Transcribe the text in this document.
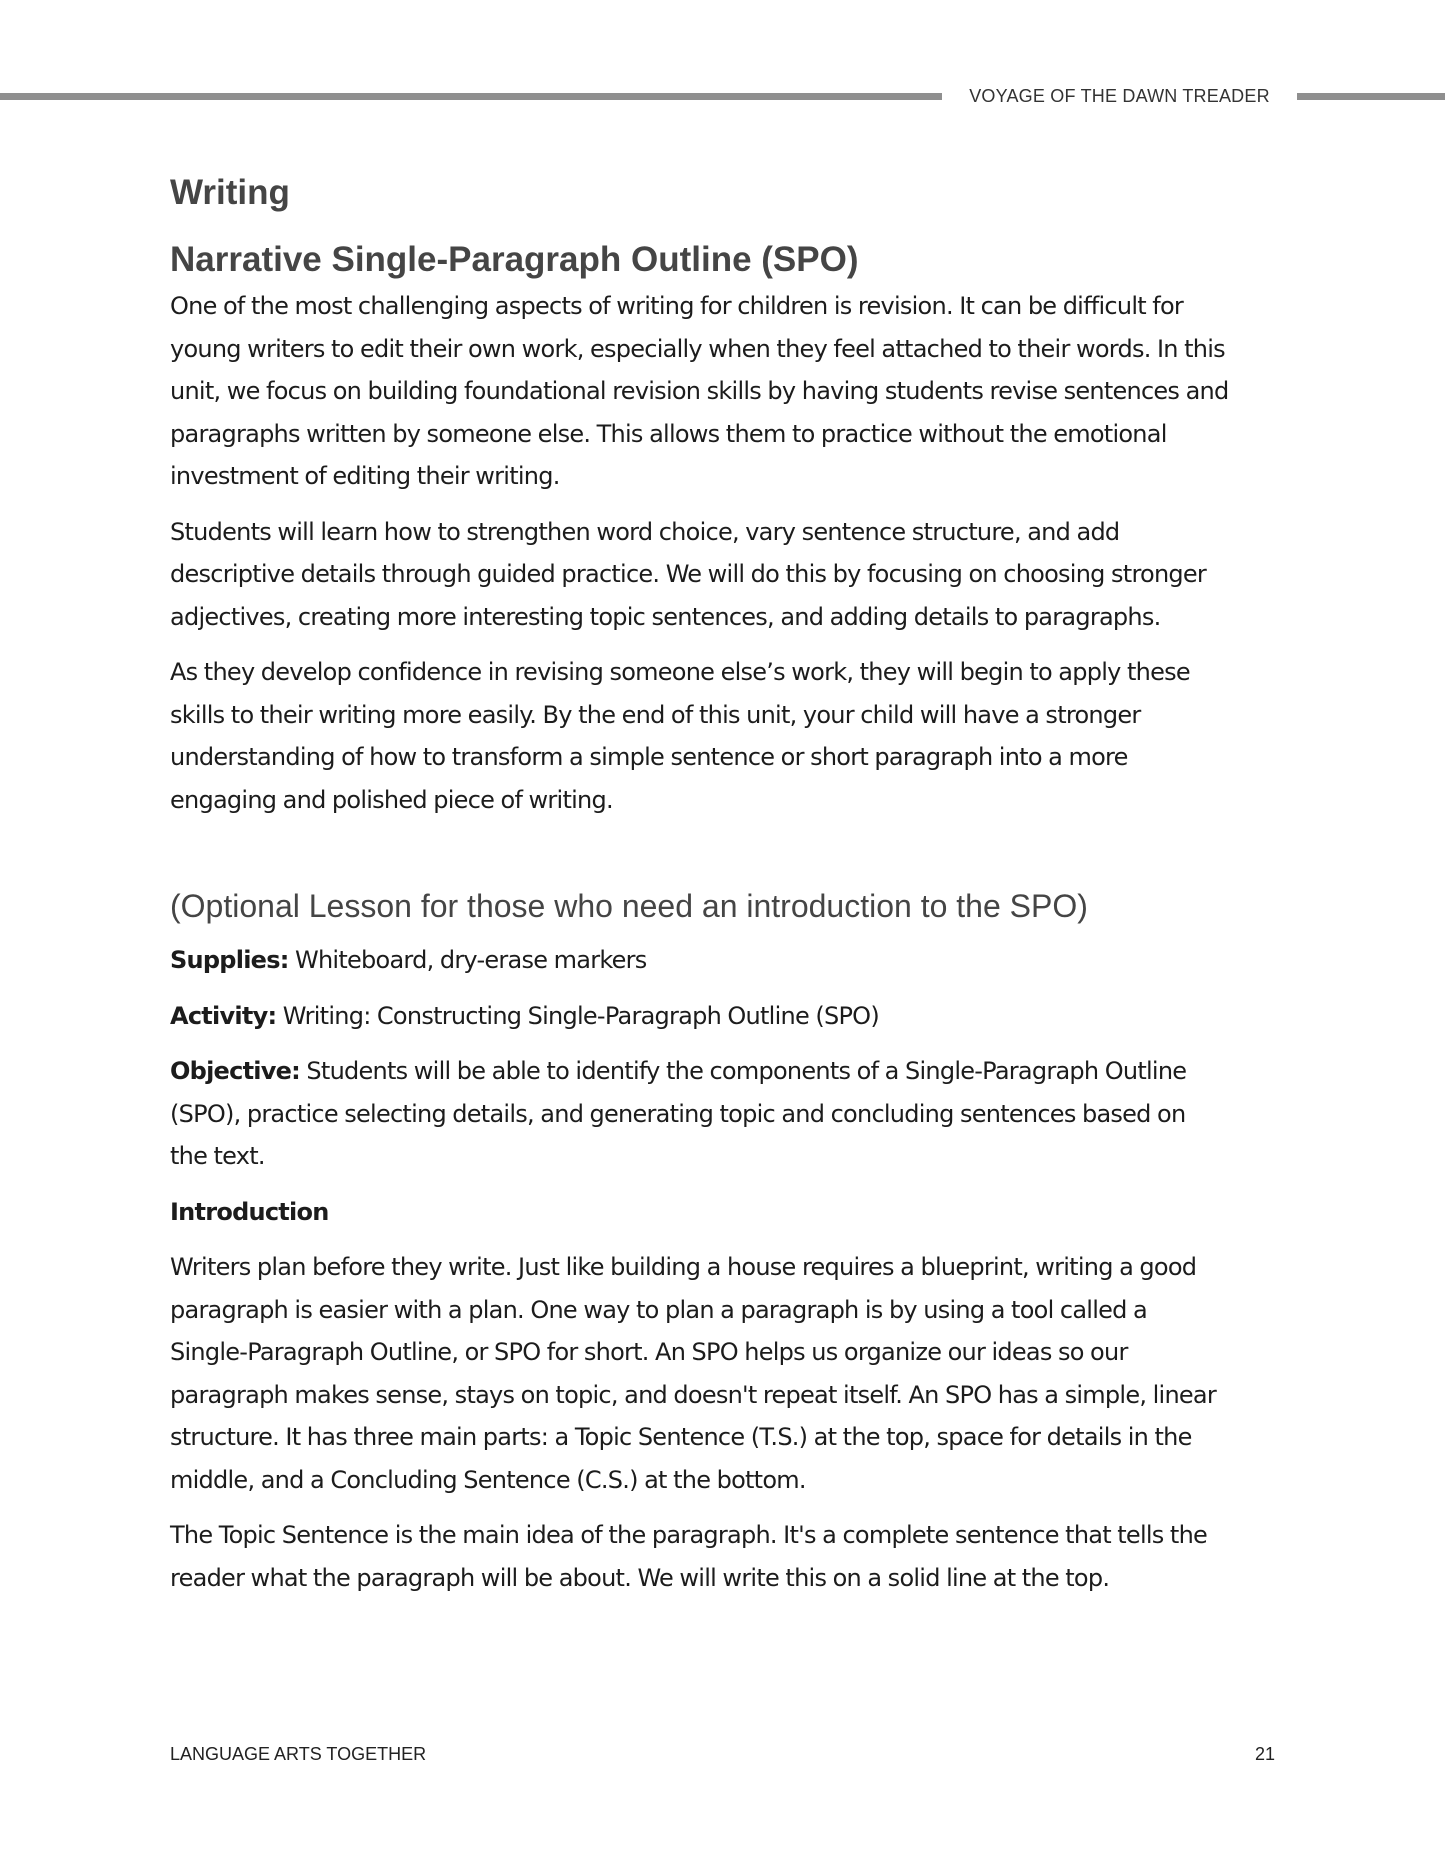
VOYAGE OF THE DAWN TREADER
Writing
Narrative Single-Paragraph Outline (SPO)

One of the most challenging aspects of writing for children is revision. It can be difficult for
young writers to edit their own work, especially when they feel attached to their words. In this
unit, we focus on building foundational revision skills by having students revise sentences and
paragraphs written by someone else. This allows them to practice without the emotional
investment of editing their writing.

Students will learn how to strengthen word choice, vary sentence structure, and add
descriptive details through guided practice. We will do this by focusing on choosing stronger
adjectives, creating more interesting topic sentences, and adding details to paragraphs.

As they develop confidence in revising someone else’s work, they will begin to apply these
skills to their writing more easily. By the end of this unit, your child will have a stronger
understanding of how to transform a simple sentence or short paragraph into a more
engaging and polished piece of writing.

(Optional Lesson for those who need an introduction to the SPO)

Supplies: Whiteboard, dry-erase markers

Activity: Writing: Constructing Single-Paragraph Outline (SPO)

Objective: Students will be able to identify the components of a Single-Paragraph Outline
(SPO), practice selecting details, and generating topic and concluding sentences based on
the text.

Introduction

Writers plan before they write. Just like building a house requires a blueprint, writing a good
paragraph is easier with a plan. One way to plan a paragraph is by using a tool called a
Single-Paragraph Outline, or SPO for short. An SPO helps us organize our ideas so our
paragraph makes sense, stays on topic, and doesn't repeat itself. An SPO has a simple, linear
structure. It has three main parts: a Topic Sentence (T.S.) at the top, space for details in the
middle, and a Concluding Sentence (C.S.) at the bottom.

The Topic Sentence is the main idea of the paragraph. It's a complete sentence that tells the
reader what the paragraph will be about. We will write this on a solid line at the top.

LANGUAGE ARTS TOGETHER	21
